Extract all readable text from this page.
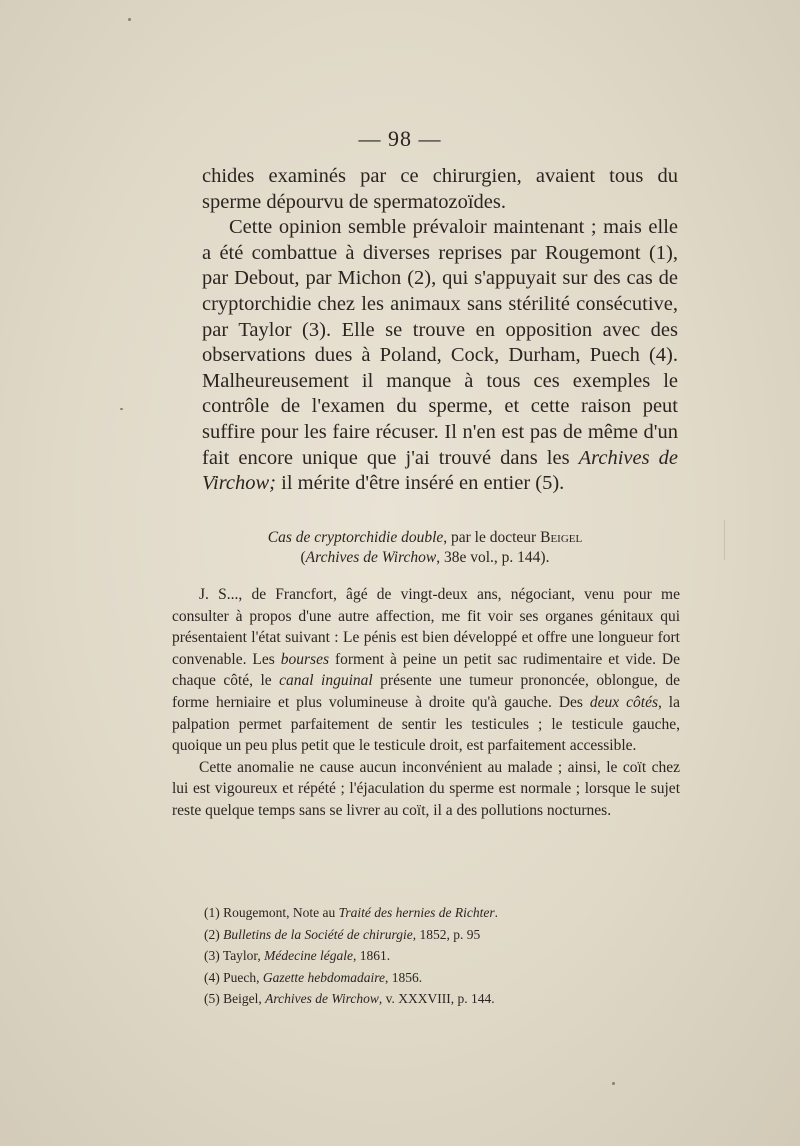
— 98 —

chides examinés par ce chirurgien, avaient tous du sperme dépourvu de spermatozoïdes.

Cette opinion semble prévaloir maintenant ; mais elle a été combattue à diverses reprises par Rougemont (1), par Debout, par Michon (2), qui s'appuyait sur des cas de cryptorchidie chez les animaux sans stérilité consécutive, par Taylor (3). Elle se trouve en opposition avec des observations dues à Poland, Cock, Durham, Puech (4). Malheureusement il manque à tous ces exemples le contrôle de l'examen du sperme, et cette raison peut suffire pour les faire récuser. Il n'en est pas de même d'un fait encore unique que j'ai trouvé dans les Archives de Virchow; il mérite d'être inséré en entier (5).

Cas de cryptorchidie double, par le docteur Beigel
(Archives de Wirchow, 38e vol., p. 144).

J. S..., de Francfort, âgé de vingt-deux ans, négociant, venu pour me consulter à propos d'une autre affection, me fit voir ses organes génitaux qui présentaient l'état suivant : Le pénis est bien développé et offre une longueur fort convenable. Les bourses forment à peine un petit sac rudimentaire et vide. De chaque côté, le canal inguinal présente une tumeur prononcée, oblongue, de forme herniaire et plus volumineuse à droite qu'à gauche. Des deux côtés, la palpation permet parfaitement de sentir les testicules ; le testicule gauche, quoique un peu plus petit que le testicule droit, est parfaitement accessible.

Cette anomalie ne cause aucun inconvénient au malade ; ainsi, le coït chez lui est vigoureux et répété ; l'éjaculation du sperme est normale ; lorsque le sujet reste quelque temps sans se livrer au coït, il a des pollutions nocturnes.

(1) Rougemont, Note au Traité des hernies de Richter.
(2) Bulletins de la Société de chirurgie, 1852, p. 95
(3) Taylor, Médecine légale, 1861.
(4) Puech, Gazette hebdomadaire, 1856.
(5) Beigel, Archives de Wirchow, v. XXXVIII, p. 144.
